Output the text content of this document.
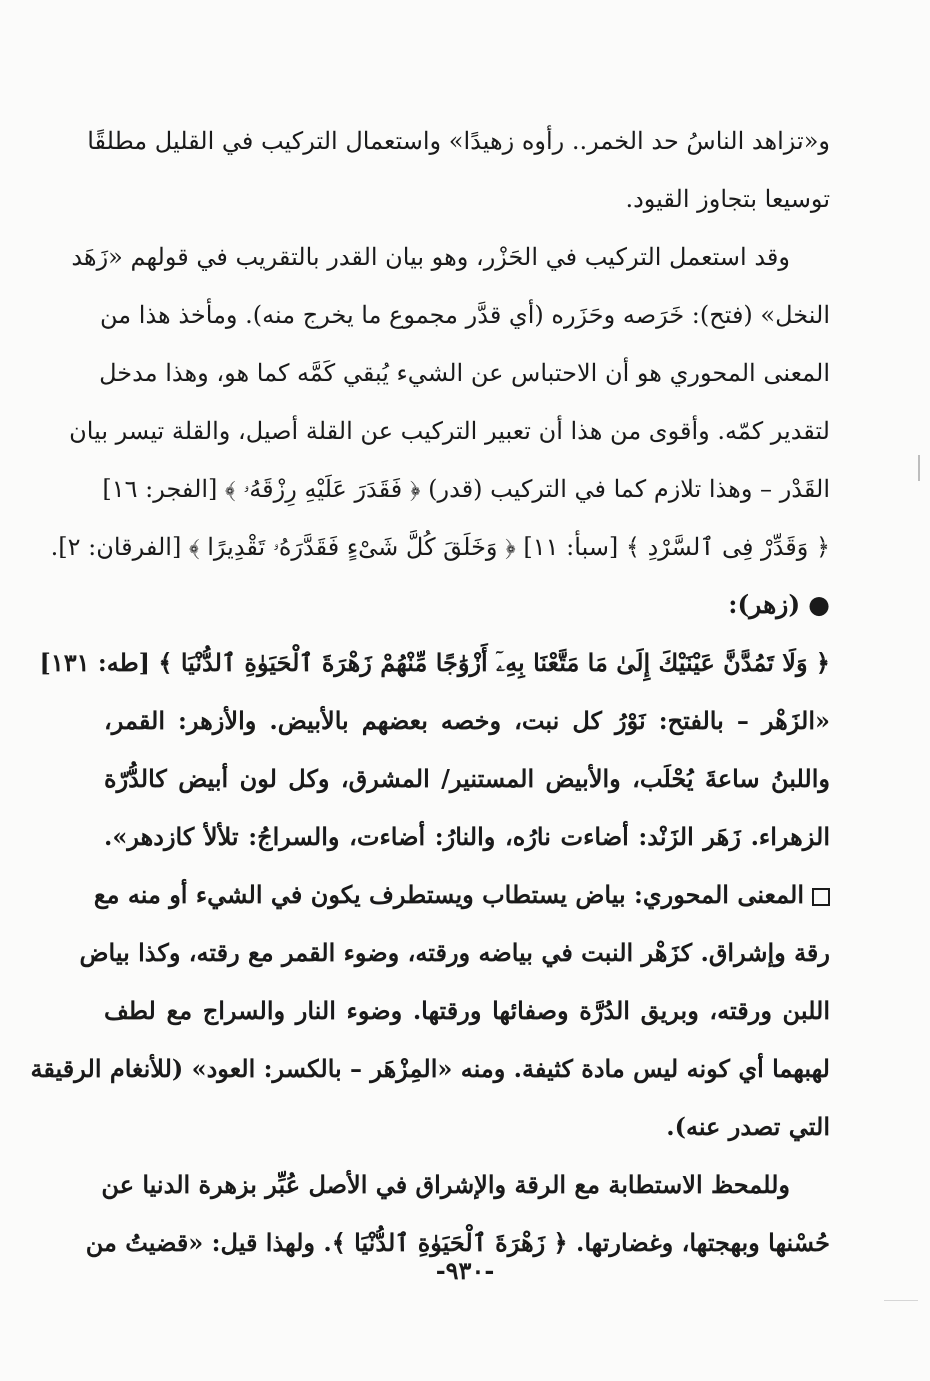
و«تزاهد الناسُ حد الخمر.. رأوه زهيدًا» واستعمال التركيب في القليل مطلقًا
توسيعا بتجاوز القيود.
وقد استعمل التركيب في الحَزْر، وهو بيان القدر بالتقريب في قولهم «زَهَد
النخل» (فتح): خَرَصه وحَزَره (أي قدَّر مجموع ما يخرج منه). ومأخذ هذا من
المعنى المحوري هو أن الاحتباس عن الشيء يُبقي كَمَّه كما هو، وهذا مدخل
لتقدير كمّه. وأقوى من هذا أن تعبير التركيب عن القلة أصيل، والقلة تيسر بيان
القَدْر – وهذا تلازم كما في التركيب (قدر) ﴿ فَقَدَرَ عَلَيْهِ رِزْقَهُۥ ﴾ [الفجر: ١٦]
﴿ وَقَدِّرْ فِى ٱلسَّرْدِ ﴾ [سبأ: ١١] ﴿ وَخَلَقَ كُلَّ شَىْءٍ فَقَدَّرَهُۥ تَقْدِيرًا ﴾ [الفرقان: ٢].
●(زهر):
﴿ وَلَا تَمُدَّنَّ عَيْنَيْكَ إِلَىٰ مَا مَتَّعْنَا بِهِۦٓ أَزْوَٰجًا مِّنْهُمْ زَهْرَةَ ٱلْحَيَوٰةِ ٱلدُّنْيَا ﴾ [طه: ١٣١]
«الزَهْر – بالفتح: نَوْرُ كل نبت، وخصه بعضهم بالأبيض. والأزهر: القمر،
واللبنُ ساعةَ يُحْلَب، والأبيض المستنير/ المشرق، وكل لون أبيض كالدُّرّة
الزهراء. زَهَر الزَنْد: أضاءت نارُه، والنارُ: أضاءت، والسراجُ: تلألأ كازدهر».
المعنى المحوري: بياض يستطاب ويستطرف يكون في الشيء أو منه مع
رقة وإشراق. كزَهْر النبت في بياضه ورقته، وضوء القمر مع رقته، وكذا بياض
اللبن ورقته، وبريق الدُرَّة وصفائها ورقتها. وضوء النار والسراج مع لطف
لهبهما أي كونه ليس مادة كثيفة. ومنه «المِزْهَر – بالكسر: العود» (للأنغام الرقيقة
التي تصدر عنه).
وللمحظ الاستطابة مع الرقة والإشراق في الأصل عُبِّر بزهرة الدنيا عن
حُسْنها وبهجتها، وغضارتها. ﴿ زَهْرَةَ ٱلْحَيَوٰةِ ٱلدُّنْيَا ﴾. ولهذا قيل: «قضيتُ من
-٩٣٠-
